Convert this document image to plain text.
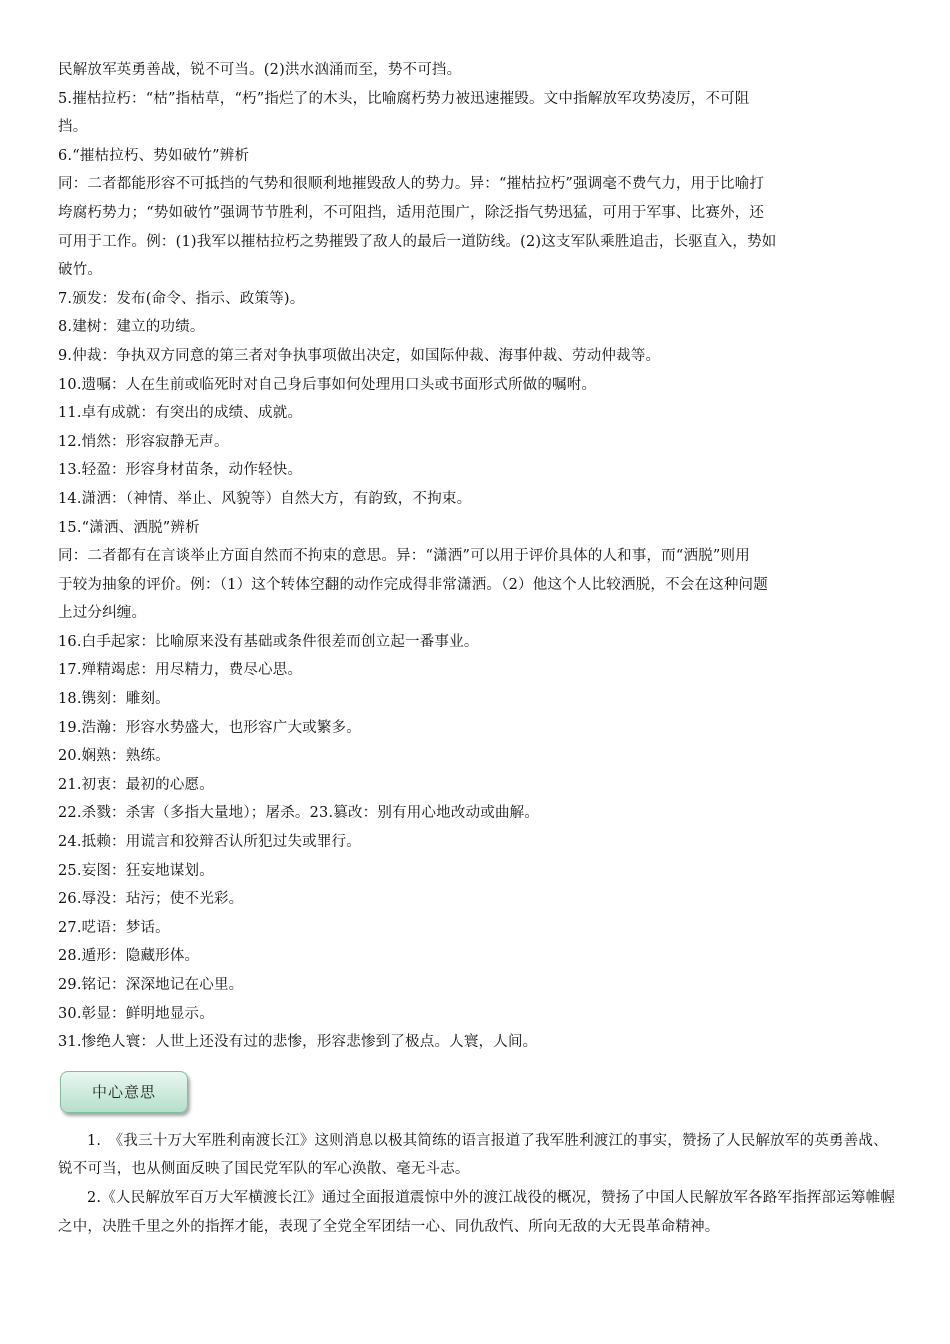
民解放军英勇善战，锐不可当。(2)洪水汹涌而至，势不可挡。
5.摧枯拉朽：“枯”指枯草，“朽”指烂了的木头，比喻腐朽势力被迅速摧毁。文中指解放军攻势凌厉，不可阻
挡。
6.“摧枯拉朽、势如破竹”辨析
同：二者都能形容不可抵挡的气势和很顺利地摧毁敌人的势力。异：“摧枯拉朽”强调毫不费气力，用于比喻打
垮腐朽势力；“势如破竹”强调节节胜利，不可阻挡，适用范围广，除泛指气势迅猛，可用于军事、比赛外，还
可用于工作。例：(1)我军以摧枯拉朽之势摧毁了敌人的最后一道防线。(2)这支军队乘胜追击，长驱直入，势如
破竹。
7.颁发：发布(命令、指示、政策等)。
8.建树：建立的功绩。
9.仲裁：争执双方同意的第三者对争执事项做出决定，如国际仲裁、海事仲裁、劳动仲裁等。
10.遗嘱：人在生前或临死时对自己身后事如何处理用口头或书面形式所做的嘱咐。
11.卓有成就：有突出的成绩、成就。
12.悄然：形容寂静无声。
13.轻盈：形容身材苗条，动作轻快。
14.潇洒：（神情、举止、风貌等）自然大方，有韵致，不拘束。
15.“潇洒、洒脱”辨析
同：二者都有在言谈举止方面自然而不拘束的意思。异：“潇洒”可以用于评价具体的人和事，而“洒脱”则用
于较为抽象的评价。例：（1）这个转体空翻的动作完成得非常潇洒。（2）他这个人比较洒脱，不会在这种问题
上过分纠缠。
16.白手起家：比喻原来没有基础或条件很差而创立起一番事业。
17.殚精竭虑：用尽精力，费尽心思。
18.镌刻：雕刻。
19.浩瀚：形容水势盛大，也形容广大或繁多。
20.娴熟：熟练。
21.初衷：最初的心愿。
22.杀戮：杀害（多指大量地）；屠杀。23.篡改：别有用心地改动或曲解。
24.抵赖：用谎言和狡辩否认所犯过失或罪行。
25.妄图：狂妄地谋划。
26.辱没：玷污；使不光彩。
27.呓语：梦话。
28.遁形：隐藏形体。
29.铭记：深深地记在心里。
30.彰显：鲜明地显示。
31.惨绝人寰：人世上还没有过的悲惨，形容悲惨到了极点。人寰，人间。
中心意思
1.　《我三十万大军胜利南渡长江》这则消息以极其简练的语言报道了我军胜利渡江的事实，赞扬了人民解放军的英勇善战、锐不可当，也从侧面反映了国民党军队的军心涣散、毫无斗志。
2.《人民解放军百万大军横渡长江》通过全面报道震惊中外的渡江战役的概况，赞扬了中国人民解放军各路军指挥部运筹帷幄之中，决胜千里之外的指挥才能，表现了全党全军团结一心、同仇敌忾、所向无敌的大无畏革命精神。
